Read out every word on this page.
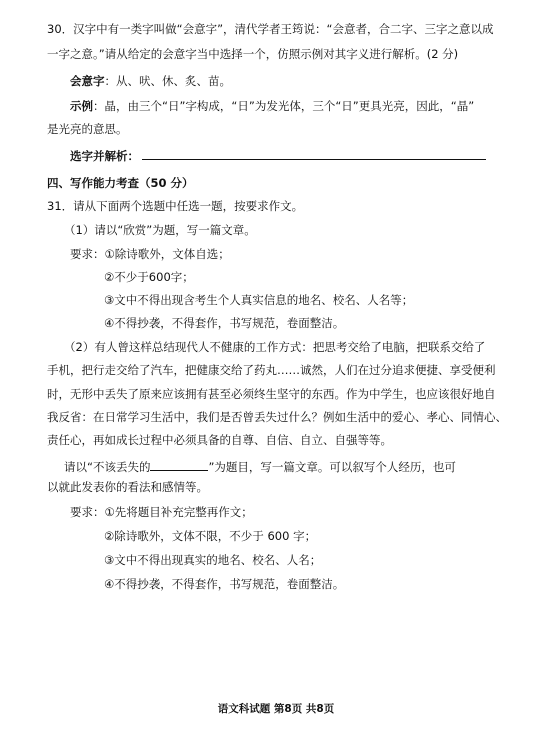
30．汉字中有一类字叫做“会意字”，清代学者王筠说：“会意者，合二字、三字之意以成
一字之意。”请从给定的会意字当中选择一个，仿照示例对其字义进行解析。(2 分)
会意字：从、吠、休、炙、苗。
示例：晶，由三个“日”字构成，“日”为发光体，三个“日”更具光亮，因此，“晶”
是光亮的意思。
选字并解析：
四、写作能力考查（50 分）
31．请从下面两个选题中任选一题，按要求作文。
（1）请以“欣赏”为题，写一篇文章。
要求：①除诗歌外，文体自选；
②不少于600字；
③文中不得出现含考生个人真实信息的地名、校名、人名等；
④不得抄袭，不得套作，书写规范，卷面整洁。
（2）有人曾这样总结现代人不健康的工作方式：把思考交给了电脑，把联系交给了
手机，把行走交给了汽车，把健康交给了药丸……诚然，人们在过分追求便捷、享受便利
时，无形中丢失了原来应该拥有甚至必须终生坚守的东西。作为中学生，也应该很好地自
我反省：在日常学习生活中，我们是否曾丢失过什么？例如生活中的爱心、孝心、同情心、
责任心，再如成长过程中必须具备的自尊、自信、自立、自强等等。
请以“不该丢失的	”为题目，写一篇文章。可以叙写个人经历，也可
以就此发表你的看法和感情等。
要求：①先将题目补充完整再作文；
②除诗歌外，文体不限，不少于 600 字；
③文中不得出现真实的地名、校名、人名；
④不得抄袭，不得套作，书写规范，卷面整洁。
语文科试题 第8页 共8页
